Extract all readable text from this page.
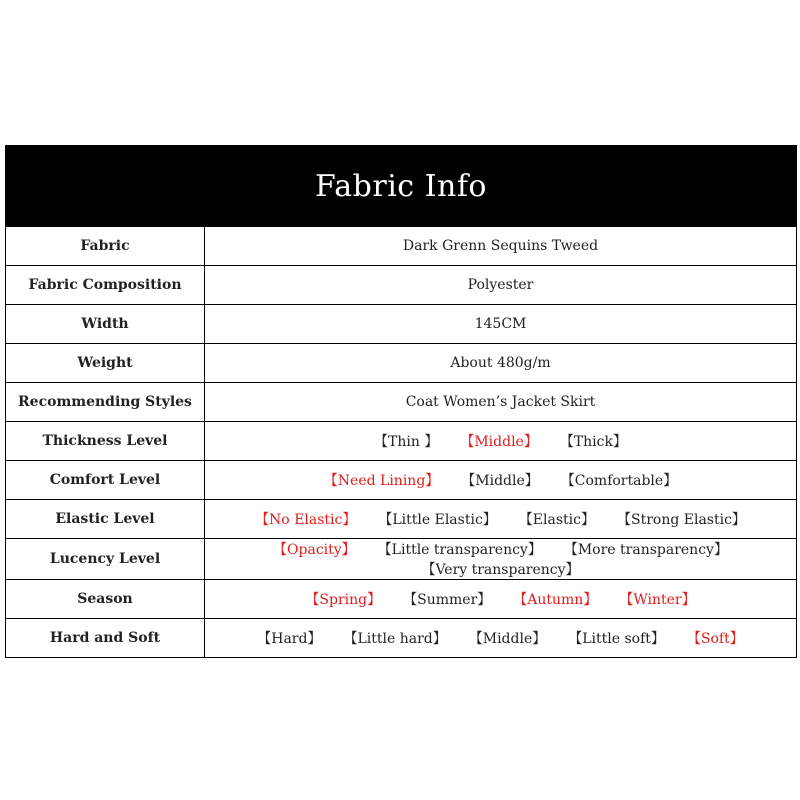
Fabric Info
Fabric	Dark Grenn Sequins Tweed
Fabric Composition	Polyester
Width	145CM
Weight	About 480g/m
Recommending Styles	Coat Women’s Jacket Skirt
Thickness Level	【Thin 】 【Middle】 【Thick】
Comfort Level	【Need Lining】 【Middle】 【Comfortable】
Elastic Level	【No Elastic】 【Little Elastic】 【Elastic】 【Strong Elastic】
Lucency Level	【Opacity】 【Little transparency】 【More transparency】【Very transparency】
Season	【Spring】 【Summer】 【Autumn】 【Winter】
Hard and Soft	【Hard】 【Little hard】 【Middle】 【Little soft】 【Soft】
